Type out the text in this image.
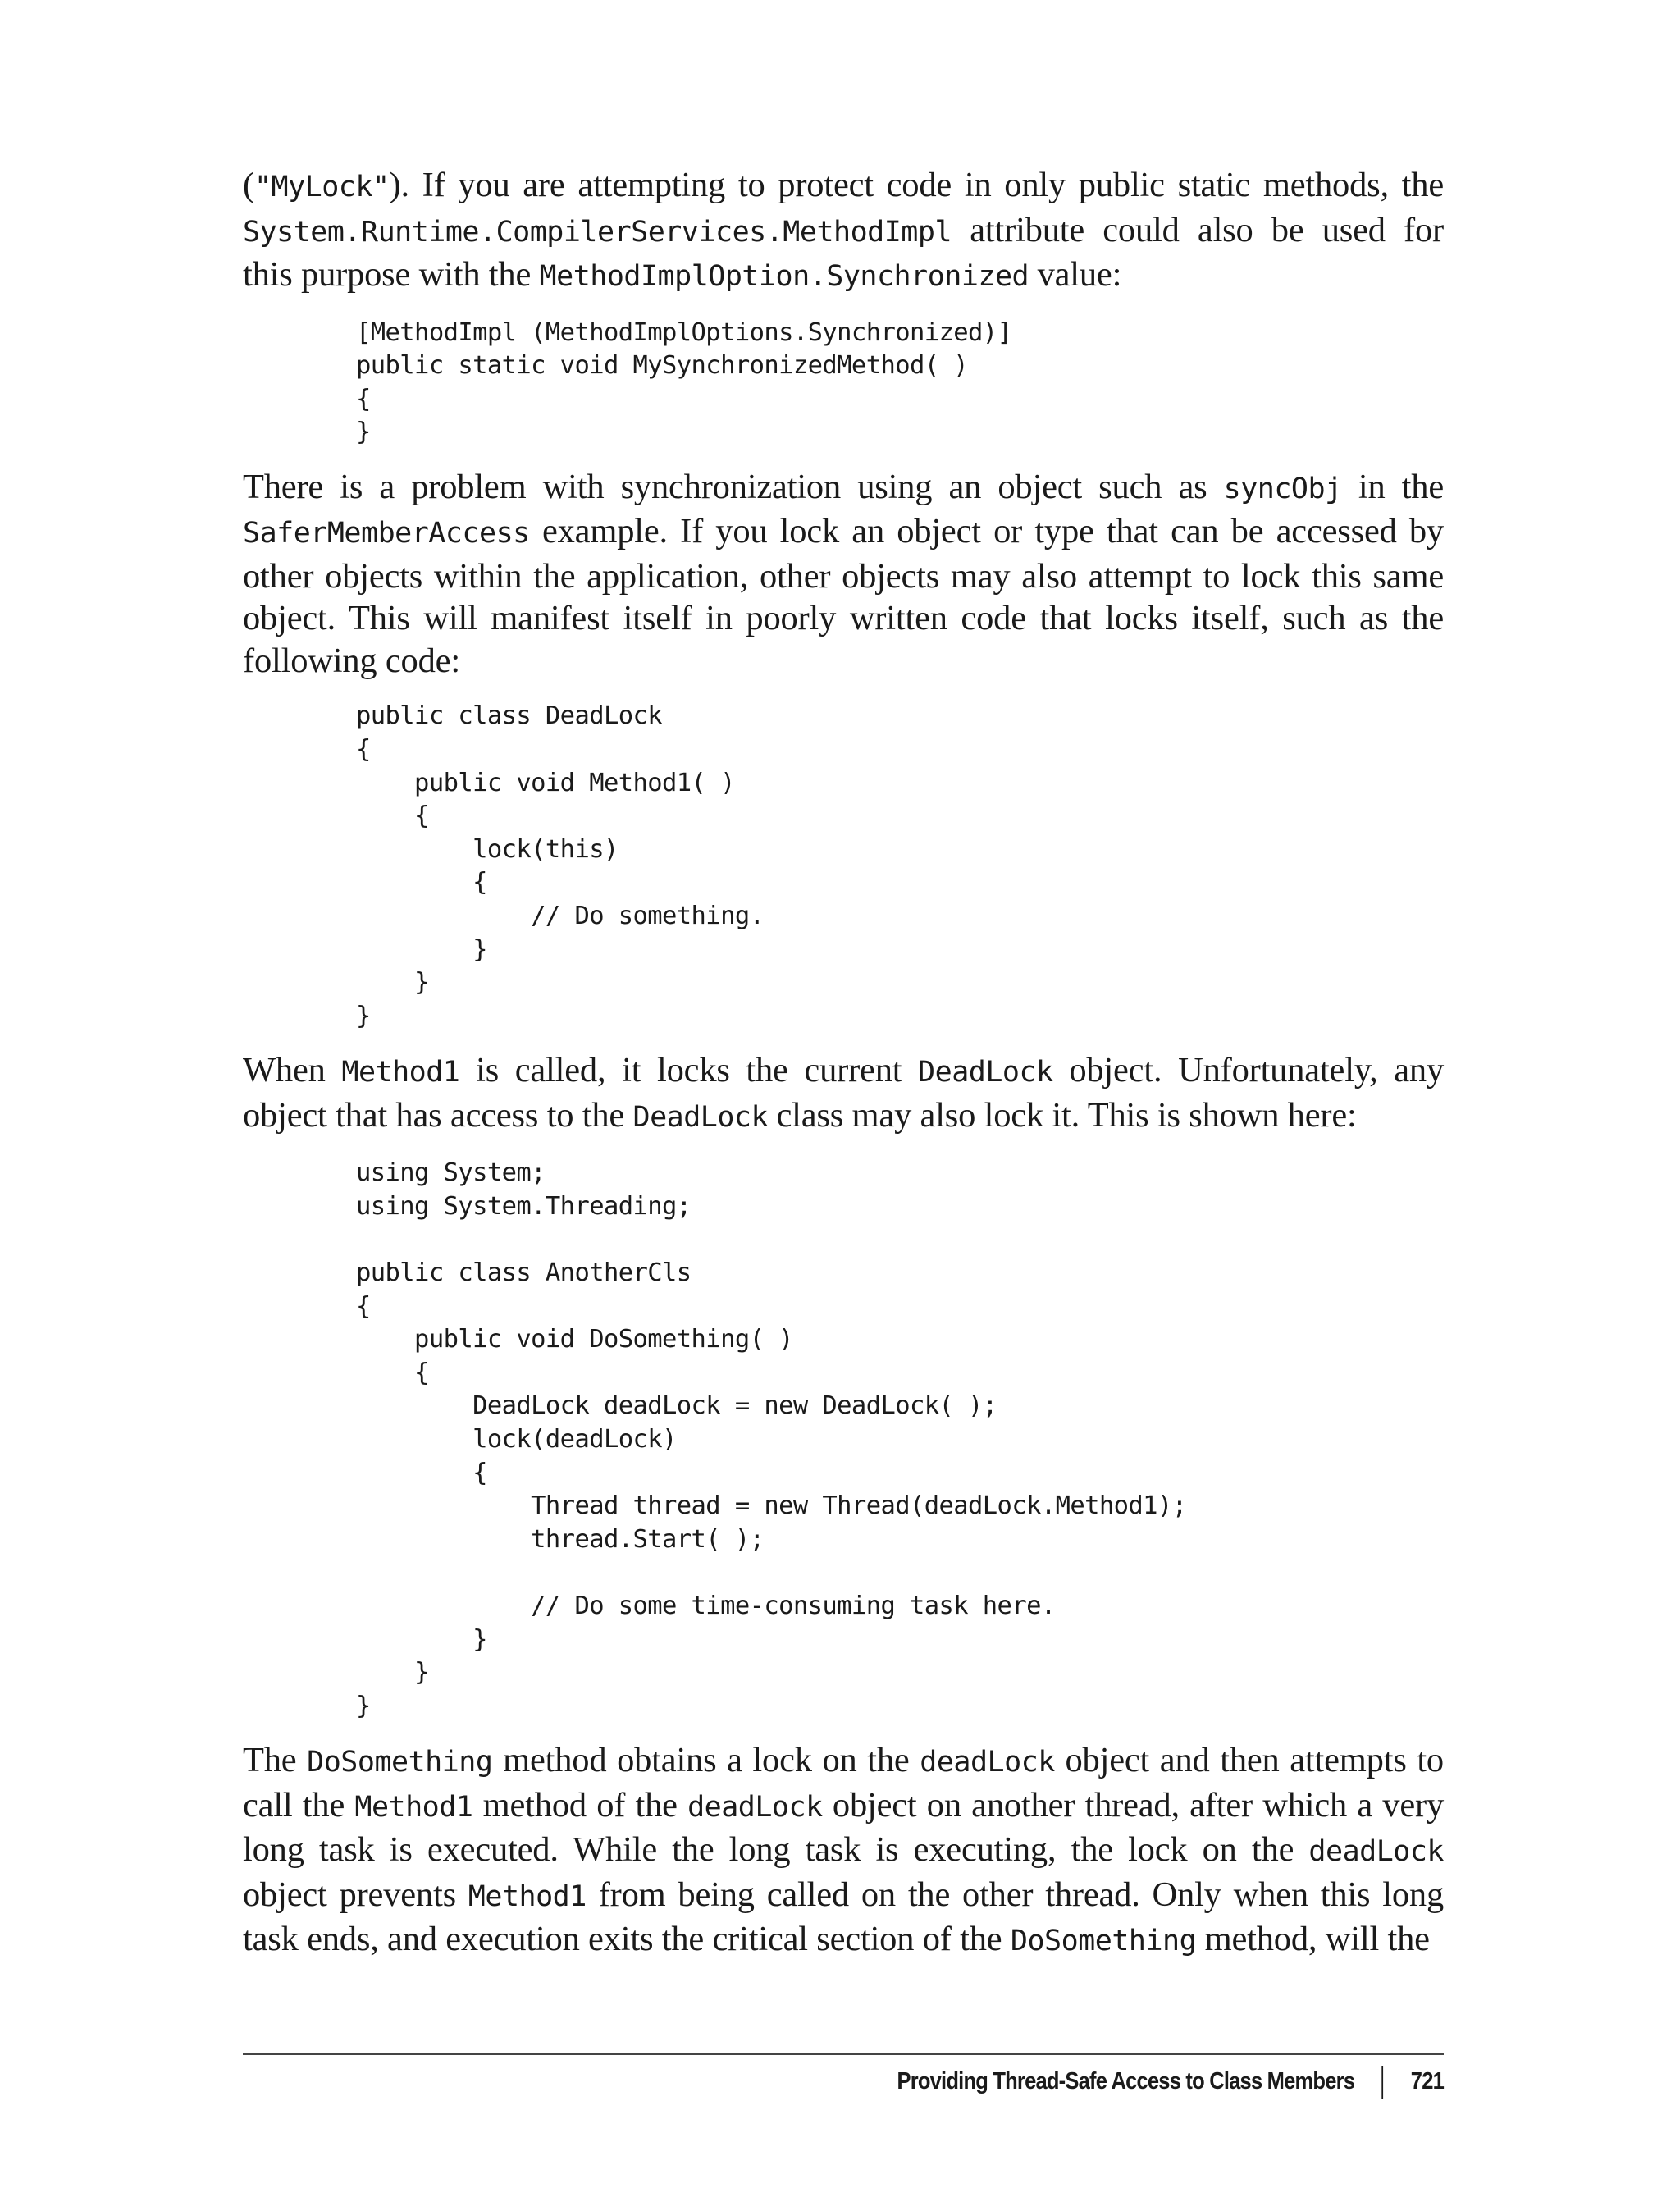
("MyLock"). If you are attempting to protect code in only public static methods, the System.Runtime.CompilerServices.MethodImpl attribute could also be used for this purpose with the MethodImplOption.Synchronized value:

[MethodImpl (MethodImplOptions.Synchronized)]
public static void MySynchronizedMethod( )
{
}

There is a problem with synchronization using an object such as syncObj in the SaferMemberAccess example. If you lock an object or type that can be accessed by other objects within the application, other objects may also attempt to lock this same object. This will manifest itself in poorly written code that locks itself, such as the following code:

public class DeadLock
{
public void Method1( )
{
lock(this)
{
// Do something.
}
}
}

When Method1 is called, it locks the current DeadLock object. Unfortunately, any object that has access to the DeadLock class may also lock it. This is shown here:

using System;
using System.Threading;

public class AnotherCls
{
public void DoSomething( )
{
DeadLock deadLock = new DeadLock( );
lock(deadLock)
{
Thread thread = new Thread(deadLock.Method1);
thread.Start( );

// Do some time-consuming task here.
}
}
}

The DoSomething method obtains a lock on the deadLock object and then attempts to call the Method1 method of the deadLock object on another thread, after which a very long task is executed. While the long task is executing, the lock on the deadLock object prevents Method1 from being called on the other thread. Only when this long task ends, and execution exits the critical section of the DoSomething method, will the

Providing Thread-Safe Access to Class Members 721
